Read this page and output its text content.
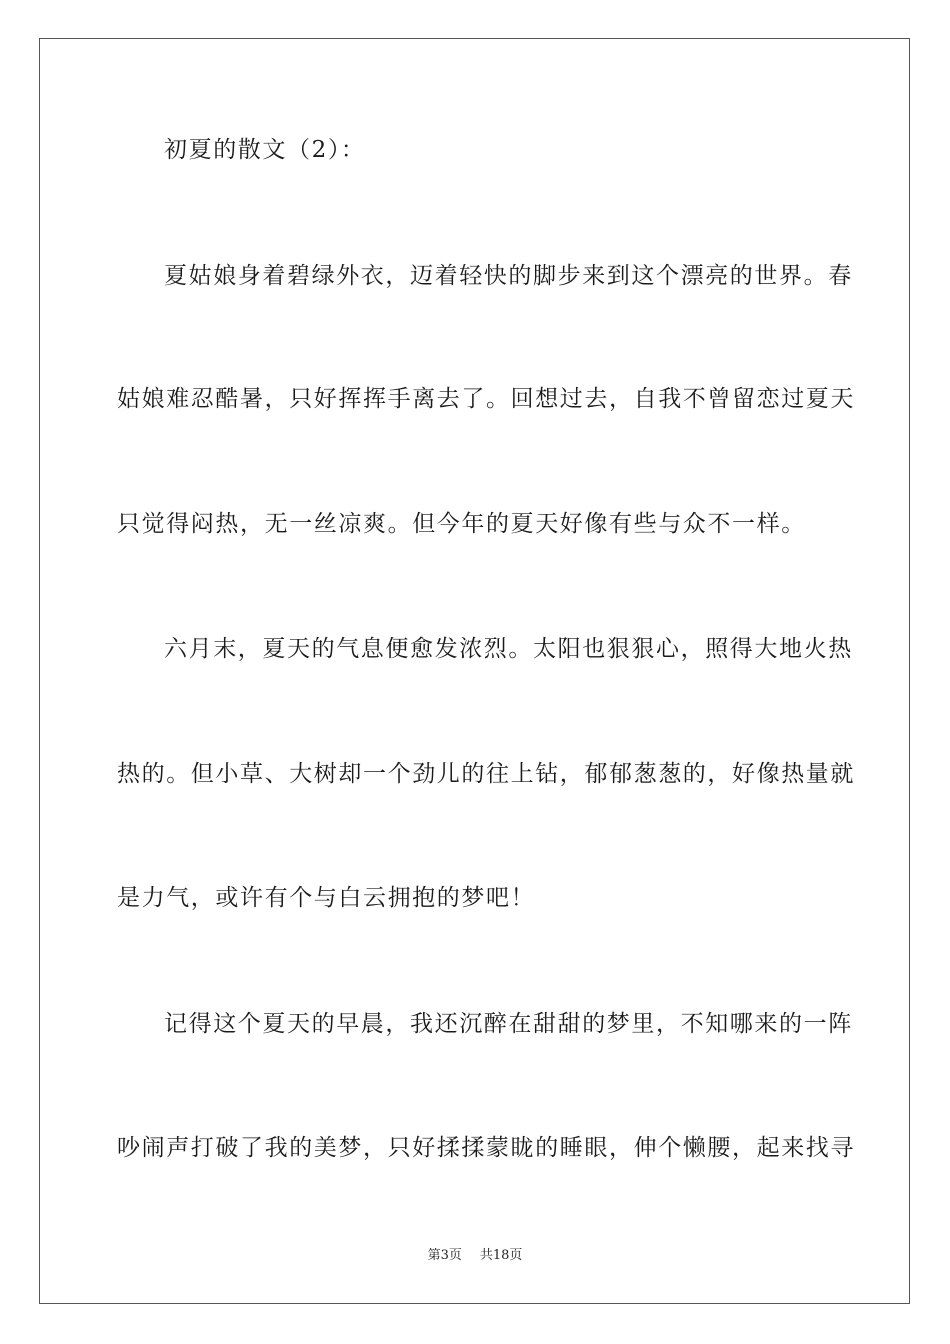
初夏的散文（2）：
夏姑娘身着碧绿外衣，迈着轻快的脚步来到这个漂亮的世界。春
姑娘难忍酷暑，只好挥挥手离去了。回想过去，自我不曾留恋过夏天
只觉得闷热，无一丝凉爽。但今年的夏天好像有些与众不一样。
六月末，夏天的气息便愈发浓烈。太阳也狠狠心，照得大地火热
热的。但小草、大树却一个劲儿的往上钻，郁郁葱葱的，好像热量就
是力气，或许有个与白云拥抱的梦吧！
记得这个夏天的早晨，我还沉醉在甜甜的梦里，不知哪来的一阵
吵闹声打破了我的美梦，只好揉揉蒙眬的睡眼，伸个懒腰，起来找寻
第3页 共18页
